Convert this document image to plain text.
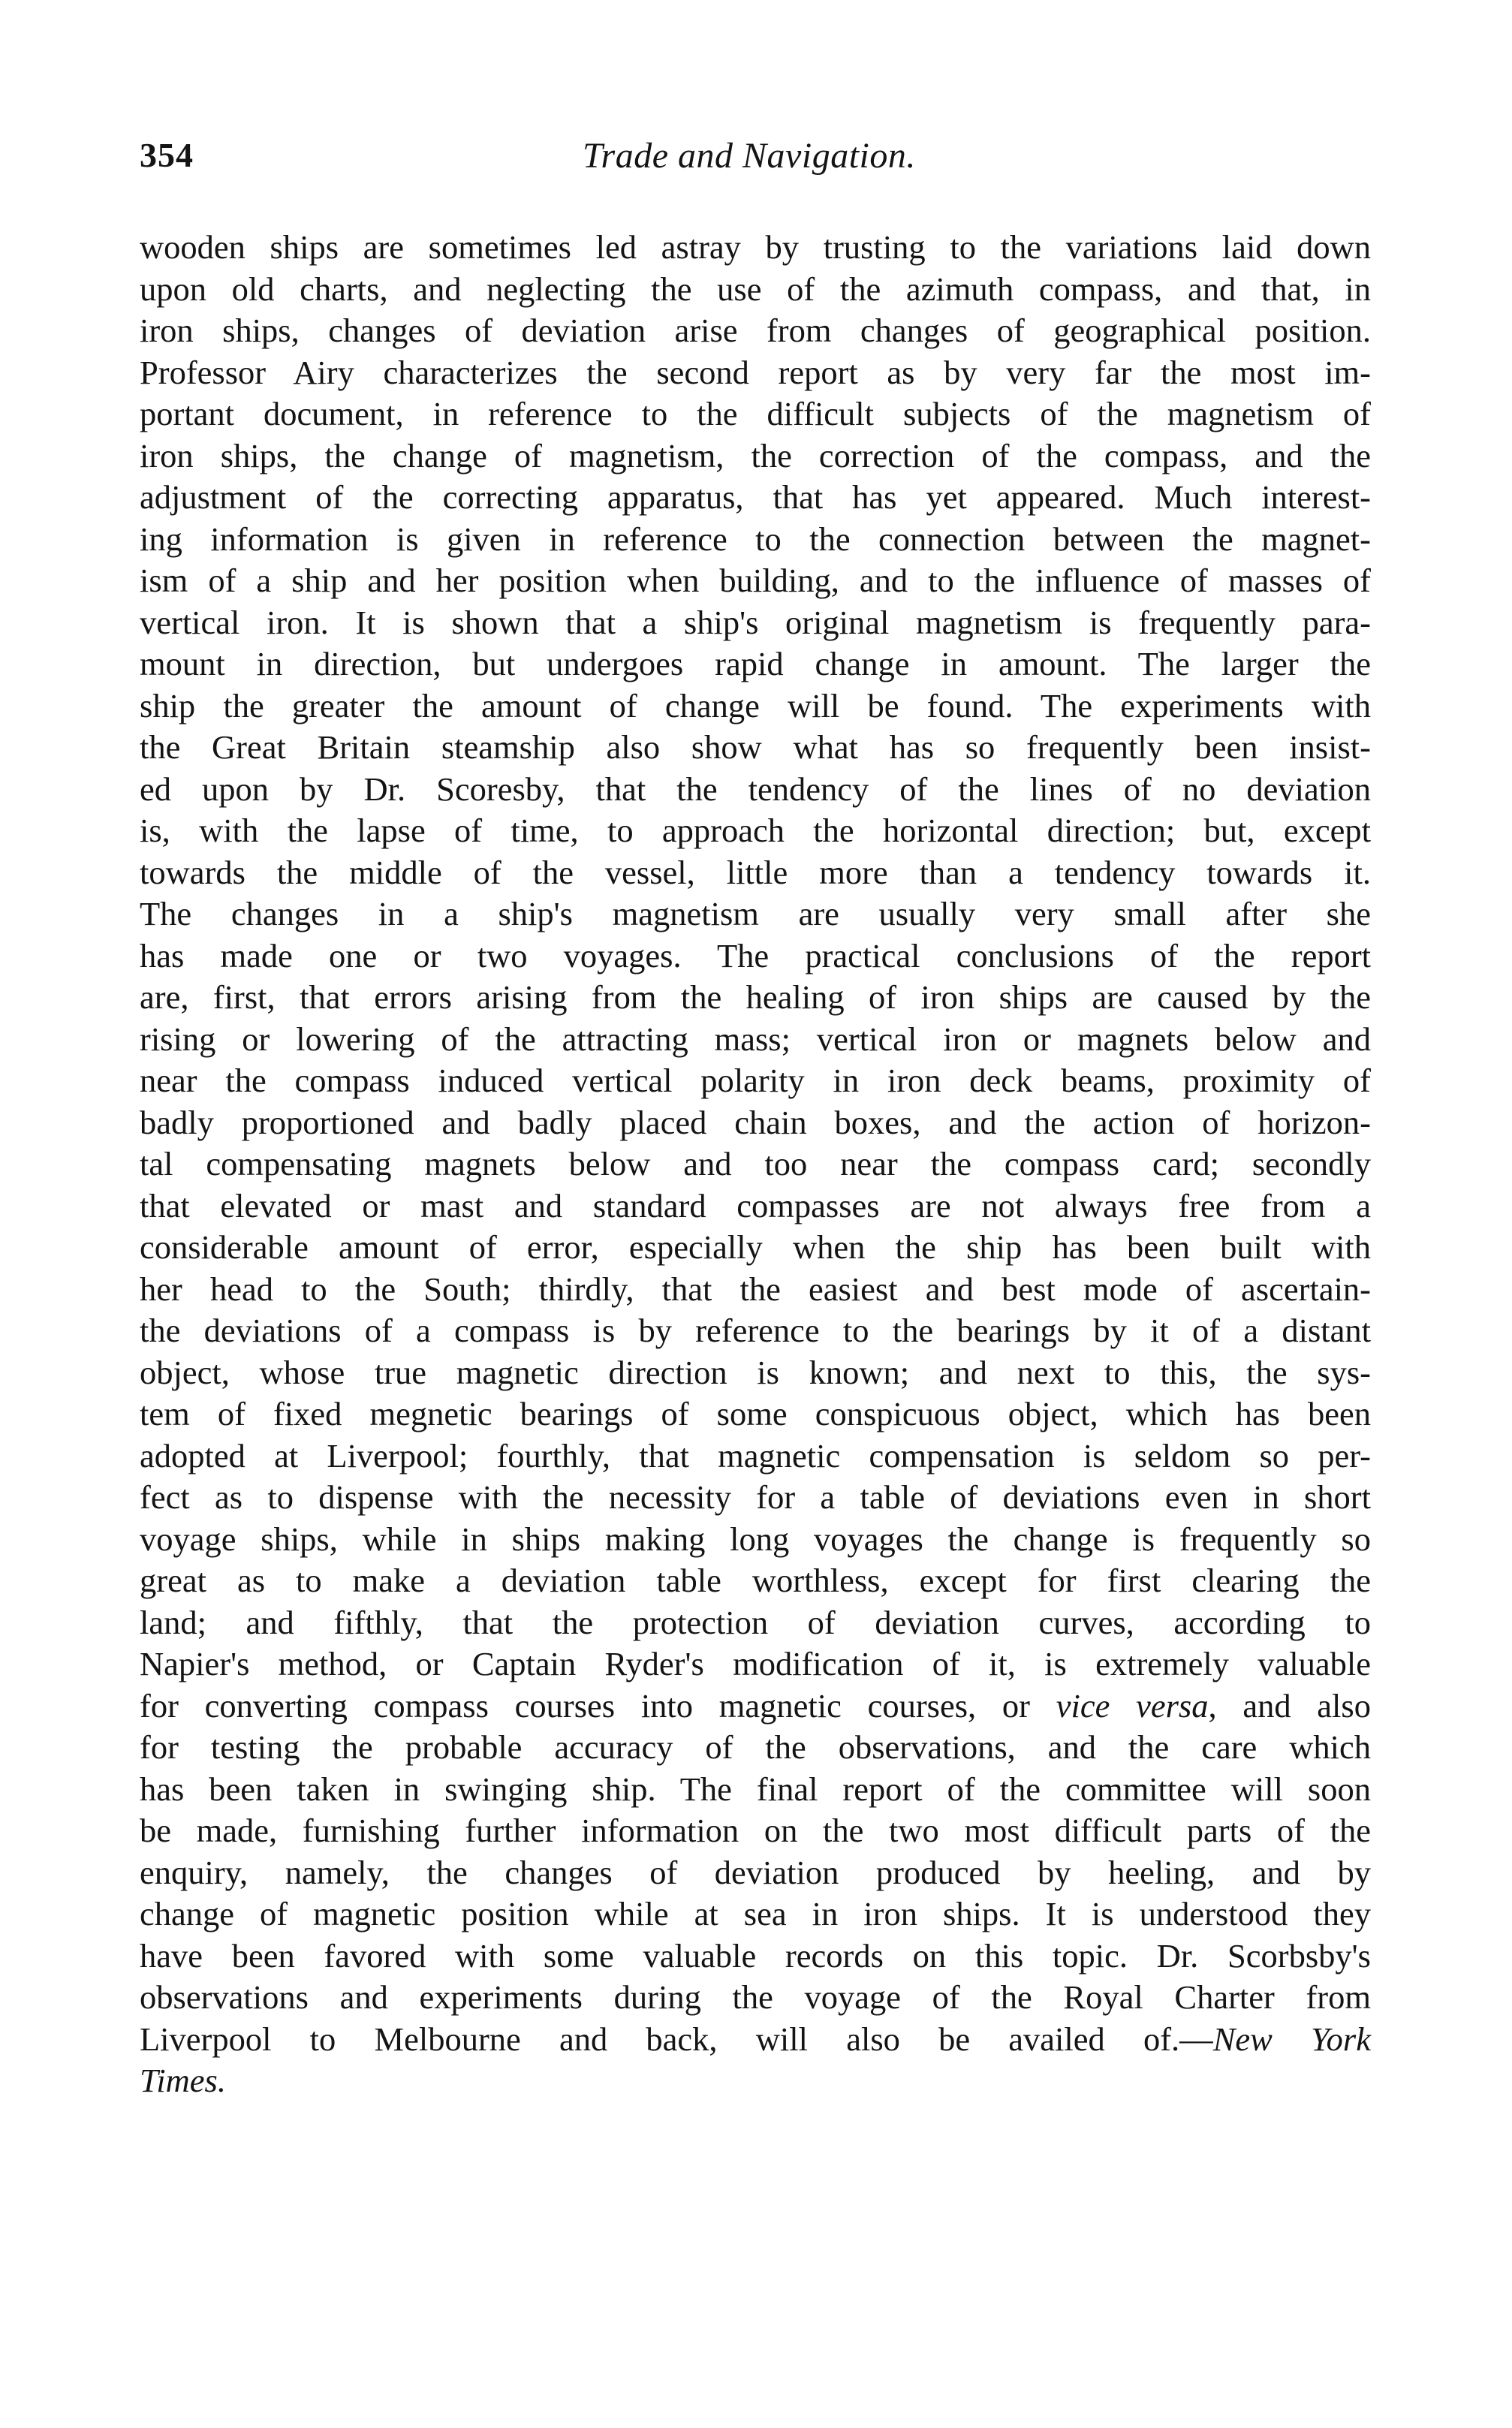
354	Trade and Navigation.
wooden ships are sometimes led astray by trusting to the variations laid down
upon old charts, and neglecting the use of the azimuth compass, and that, in
iron ships, changes of deviation arise from changes of geographical position.
Professor Airy characterizes the second report as by very far the most im-
portant document, in reference to the difficult subjects of the magnetism of
iron ships, the change of magnetism, the correction of the compass, and the
adjustment of the correcting apparatus, that has yet appeared. Much interest-
ing information is given in reference to the connection between the magnet-
ism of a ship and her position when building, and to the influence of masses of
vertical iron. It is shown that a ship's original magnetism is frequently para-
mount in direction, but undergoes rapid change in amount. The larger the
ship the greater the amount of change will be found. The experiments with
the Great Britain steamship also show what has so frequently been insist-
ed upon by Dr. Scoresby, that the tendency of the lines of no deviation
is, with the lapse of time, to approach the horizontal direction; but, except
towards the middle of the vessel, little more than a tendency towards it.
The changes in a ship's magnetism are usually very small after she
has made one or two voyages. The practical conclusions of the report
are, first, that errors arising from the healing of iron ships are caused by the
rising or lowering of the attracting mass; vertical iron or magnets below and
near the compass induced vertical polarity in iron deck beams, proximity of
badly proportioned and badly placed chain boxes, and the action of horizon-
tal compensating magnets below and too near the compass card; secondly
that elevated or mast and standard compasses are not always free from a
considerable amount of error, especially when the ship has been built with
her head to the South; thirdly, that the easiest and best mode of ascertain-
the deviations of a compass is by reference to the bearings by it of a distant
object, whose true magnetic direction is known; and next to this, the sys-
tem of fixed megnetic bearings of some conspicuous object, which has been
adopted at Liverpool; fourthly, that magnetic compensation is seldom so per-
fect as to dispense with the necessity for a table of deviations even in short
voyage ships, while in ships making long voyages the change is frequently so
great as to make a deviation table worthless, except for first clearing the
land; and fifthly, that the protection of deviation curves, according to
Napier's method, or Captain Ryder's modification of it, is extremely valuable
for converting compass courses into magnetic courses, or vice versa, and also
for testing the probable accuracy of the observations, and the care which
has been taken in swinging ship. The final report of the committee will soon
be made, furnishing further information on the two most difficult parts of the
enquiry, namely, the changes of deviation produced by heeling, and by
change of magnetic position while at sea in iron ships. It is understood they
have been favored with some valuable records on this topic. Dr. Scorbsby's
observations and experiments during the voyage of the Royal Charter from
Liverpool to Melbourne and back, will also be availed of.—New York
Times.
